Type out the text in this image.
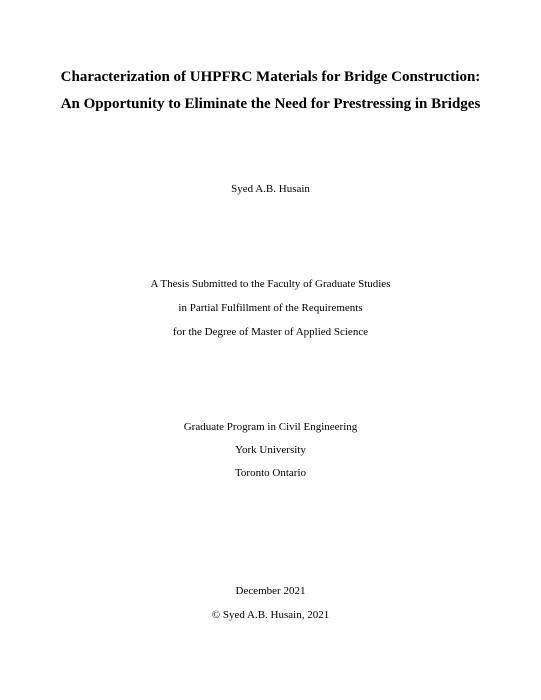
Characterization of UHPFRC Materials for Bridge Construction:
An Opportunity to Eliminate the Need for Prestressing in Bridges
Syed A.B. Husain
A Thesis Submitted to the Faculty of Graduate Studies
in Partial Fulfillment of the Requirements
for the Degree of Master of Applied Science
Graduate Program in Civil Engineering
York University
Toronto Ontario
December 2021
© Syed A.B. Husain, 2021
